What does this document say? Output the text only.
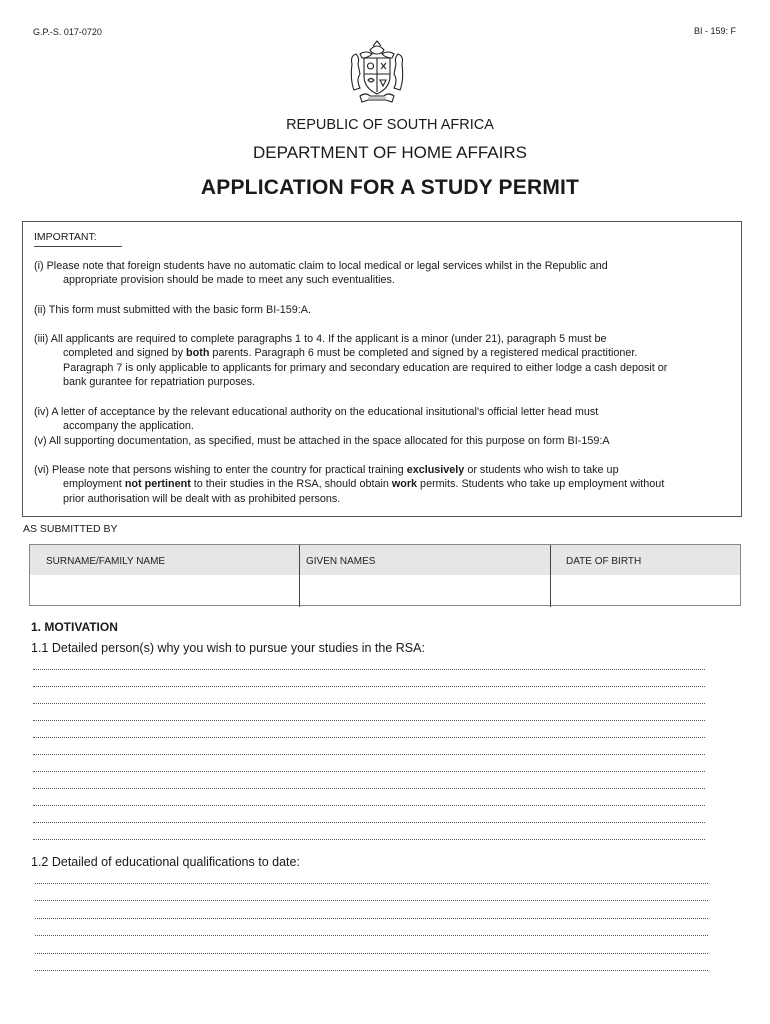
G.P.-S. 017-0720	BI - 159: F
REPUBLIC OF SOUTH AFRICA
DEPARTMENT OF HOME AFFAIRS
APPLICATION FOR A STUDY PERMIT
IMPORTANT:
(i) Please note that foreign students have no automatic claim to local medical or legal services whilst in the Republic and
appropriate provision should be made to meet any such eventualities.
(ii) This form must submitted with the basic form BI-159:A.
(iii) All applicants are required to complete paragraphs 1 to 4. If the applicant is a minor (under 21), paragraph 5 must be
completed and signed by both parents. Paragraph 6 must be completed and signed by a registered medical practitioner.
Paragraph 7 is only applicable to applicants for primary and secondary education are required to either lodge a cash deposit or
bank gurantee for repatriation purposes.
(iv) A letter of acceptance by the relevant educational authority on the educational insitutional's official letter head must
accompany the application.
(v) All supporting documentation, as specified, must be attached in the space allocated for this purpose on form BI-159:A
(vi) Please note that persons wishing to enter the country for practical training exclusively or students who wish to take up
employment not pertinent to their studies in the RSA, should obtain work permits. Students who take up employment without
prior authorisation will be dealt with as prohibited persons.
AS SUBMITTED BY
SURNAME/FAMILY NAME	GIVEN NAMES	DATE OF BIRTH
1. MOTIVATION
1.1 Detailed person(s) why you wish to pursue your studies in the RSA:
1.2 Detailed of educational qualifications to date:
